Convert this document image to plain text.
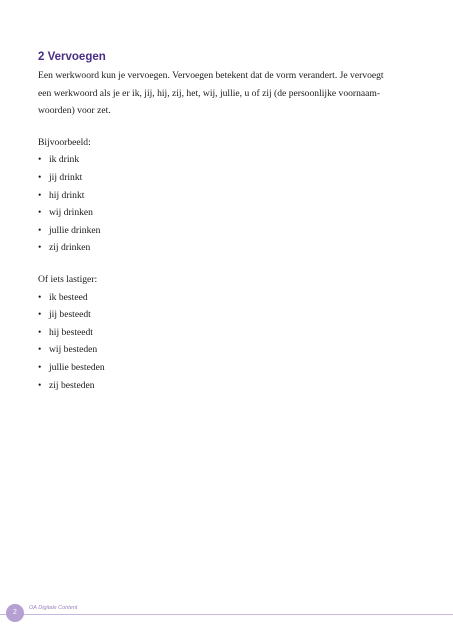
2 Vervoegen

Een werkwoord kun je vervoegen. Vervoegen betekent dat de vorm verandert. Je vervoegt
een werkwoord als je er ik, jij, hij, zij, het, wij, jullie, u of zij (de persoonlijke voornaam-
woorden) voor zet.

Bijvoorbeeld:

• ik drink
• jij drinkt
• hij drinkt
• wij drinken
• jullie drinken
• zij drinken

Of iets lastiger:

• ik besteed
• jij besteedt
• hij besteedt
• wij besteden
• jullie besteden
• zij besteden
2
OA Digitale Content
